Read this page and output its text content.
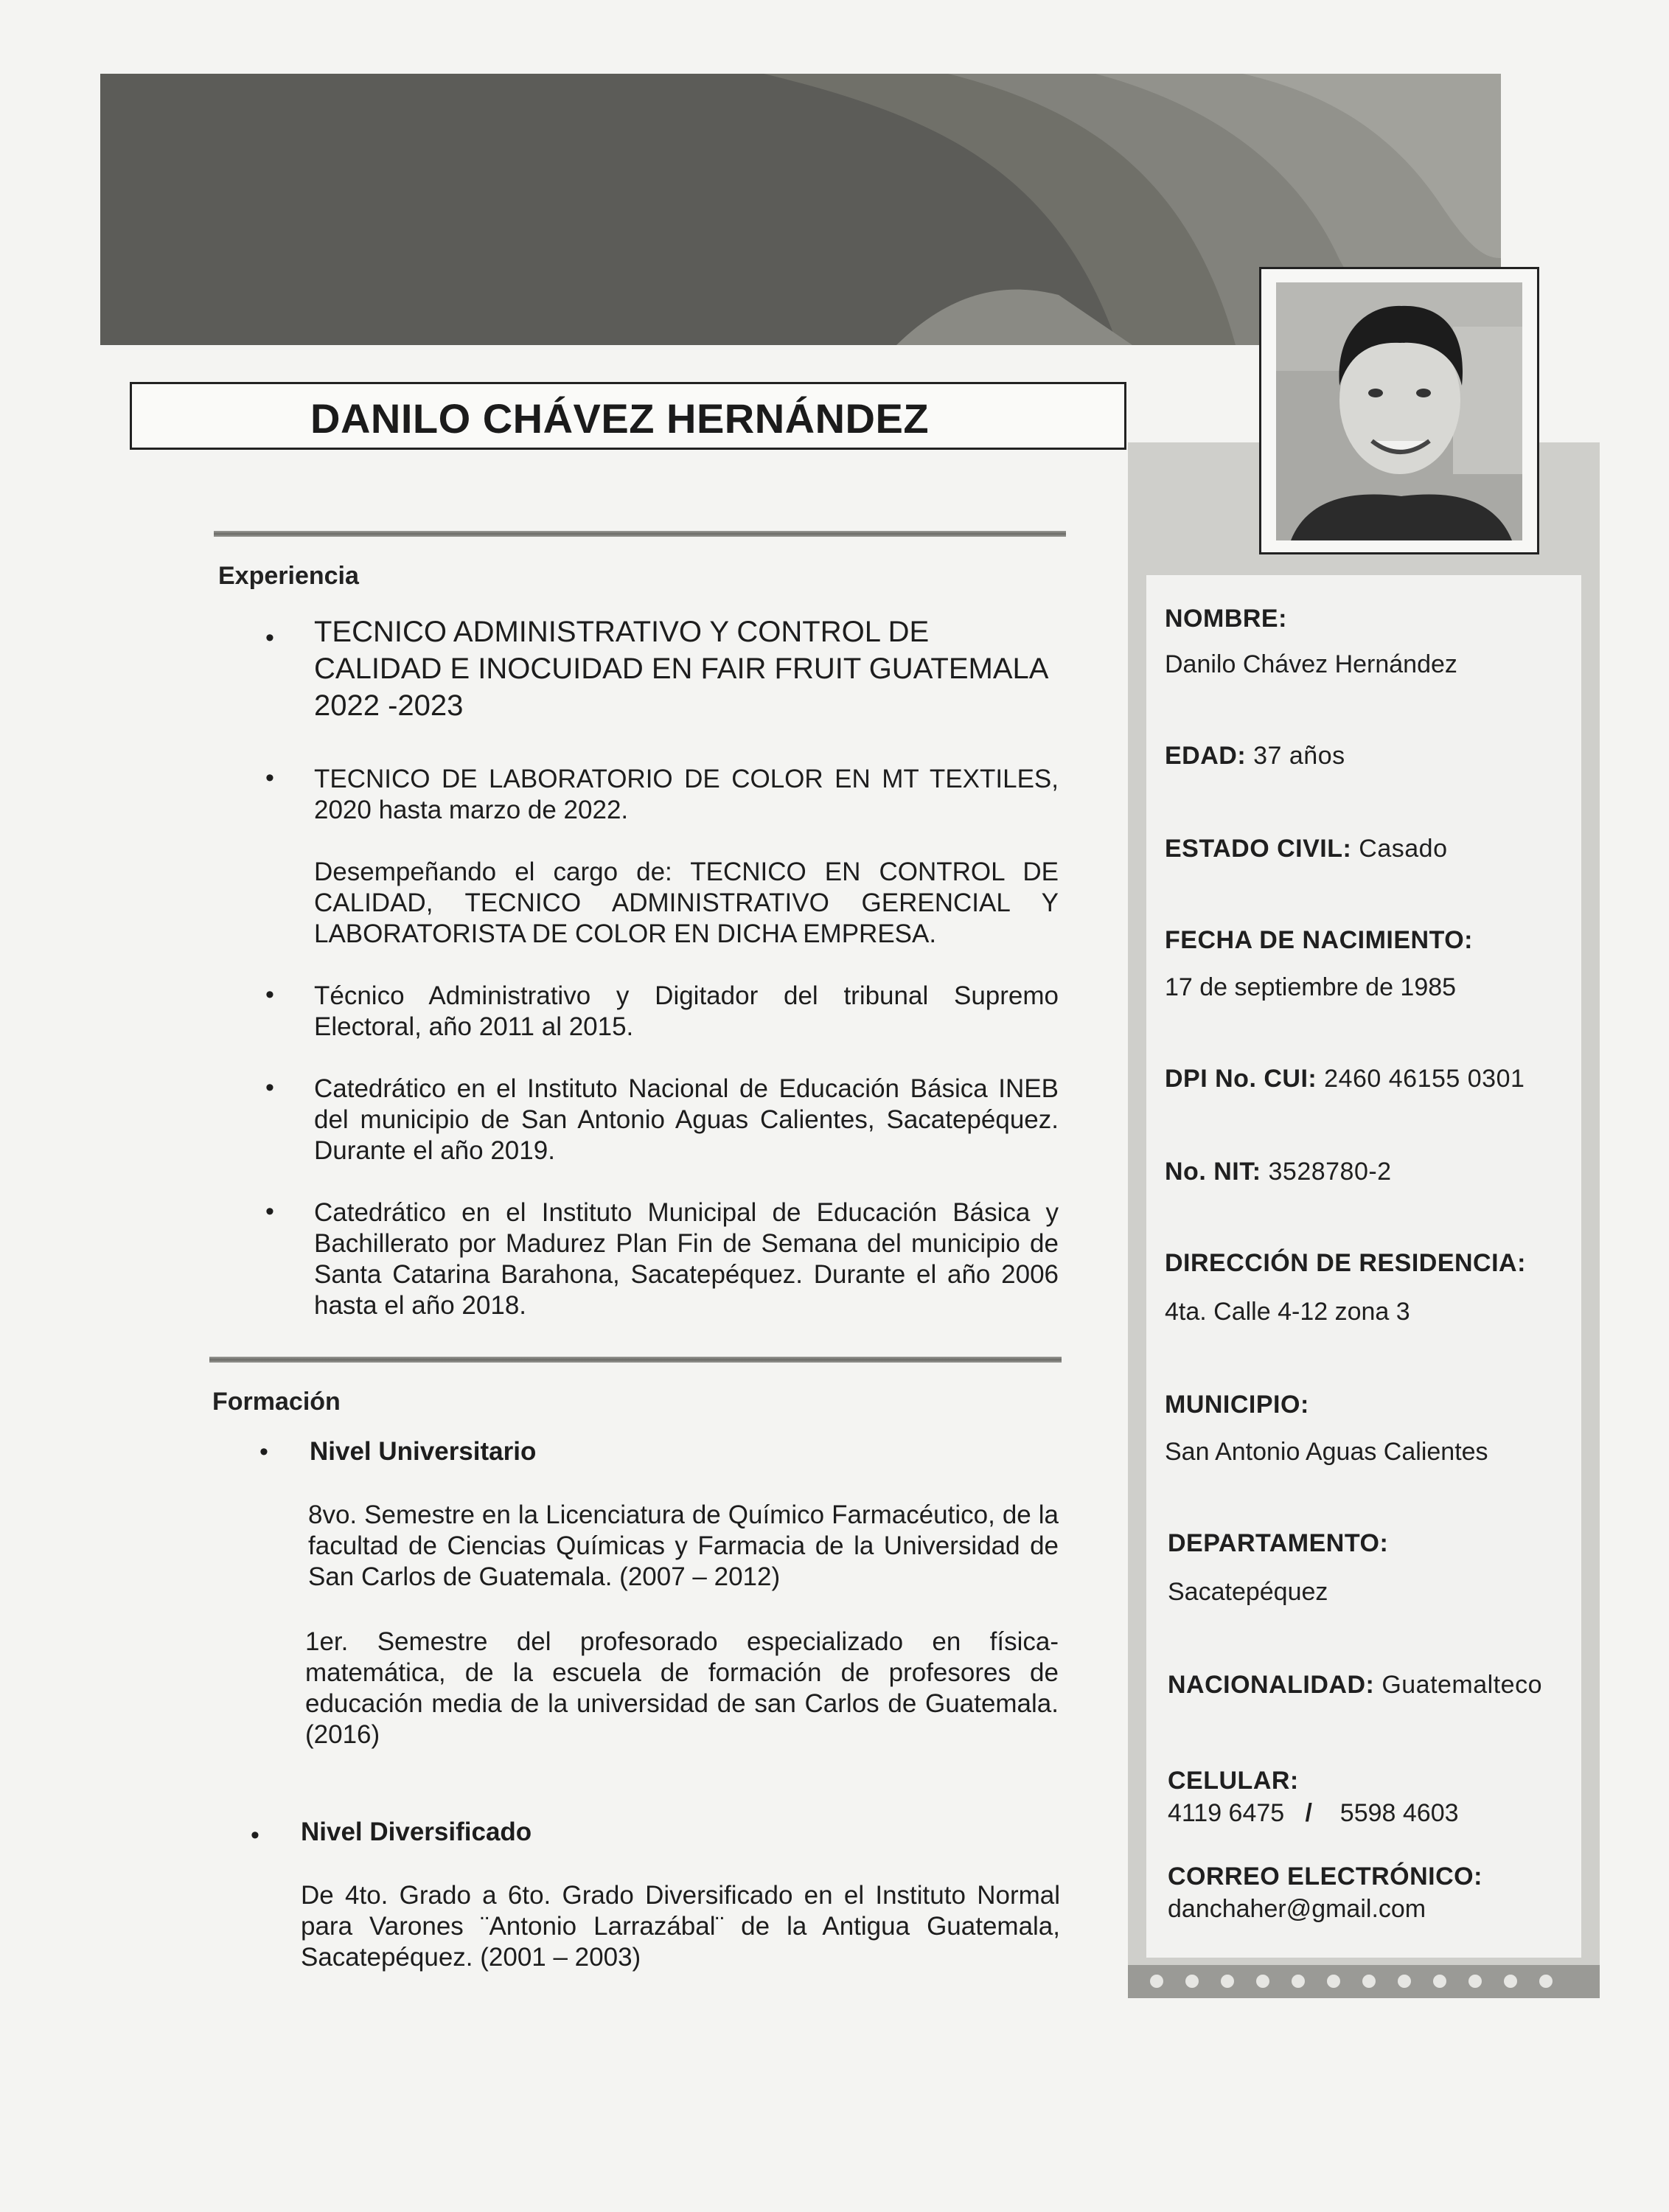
DANILO CHÁVEZ HERNÁNDEZ
Experiencia
• TECNICO ADMINISTRATIVO Y CONTROL DE CALIDAD E INOCUIDAD EN FAIR FRUIT GUATEMALA 2022 -2023
• TECNICO DE LABORATORIO DE COLOR EN MT TEXTILES, 2020 hasta marzo de 2022.
Desempeñando el cargo de: TECNICO EN CONTROL DE CALIDAD, TECNICO ADMINISTRATIVO GERENCIAL Y LABORATORISTA DE COLOR EN DICHA EMPRESA.
• Técnico Administrativo y Digitador del tribunal Supremo Electoral, año 2011 al 2015.
• Catedrático en el Instituto Nacional de Educación Básica INEB del municipio de San Antonio Aguas Calientes, Sacatepéquez. Durante el año 2019.
• Catedrático en el Instituto Municipal de Educación Básica y Bachillerato por Madurez Plan Fin de Semana del municipio de Santa Catarina Barahona, Sacatepéquez. Durante el año 2006 hasta el año 2018.
Formación
• Nivel Universitario
8vo. Semestre en la Licenciatura de Químico Farmacéutico, de la facultad de Ciencias Químicas y Farmacia de la Universidad de San Carlos de Guatemala. (2007 – 2012)
1er. Semestre del profesorado especializado en física-matemática, de la escuela de formación de profesores de educación media de la universidad de san Carlos de Guatemala. (2016)
• Nivel Diversificado
De 4to. Grado a 6to. Grado Diversificado en el Instituto Normal para Varones ¨Antonio Larrazábal¨ de la Antigua Guatemala, Sacatepéquez. (2001 – 2003)
NOMBRE:
Danilo Chávez Hernández
EDAD: 37 años
ESTADO CIVIL: Casado
FECHA DE NACIMIENTO:
17 de septiembre de 1985
DPI No. CUI: 2460 46155 0301
No. NIT: 3528780-2
DIRECCIÓN DE RESIDENCIA:
4ta. Calle 4-12 zona 3
MUNICIPIO:
San Antonio Aguas Calientes
DEPARTAMENTO:
Sacatepéquez
NACIONALIDAD: Guatemalteco
CELULAR:
4119 6475 / 5598 4603
CORREO ELECTRÓNICO:
danchaher@gmail.com
